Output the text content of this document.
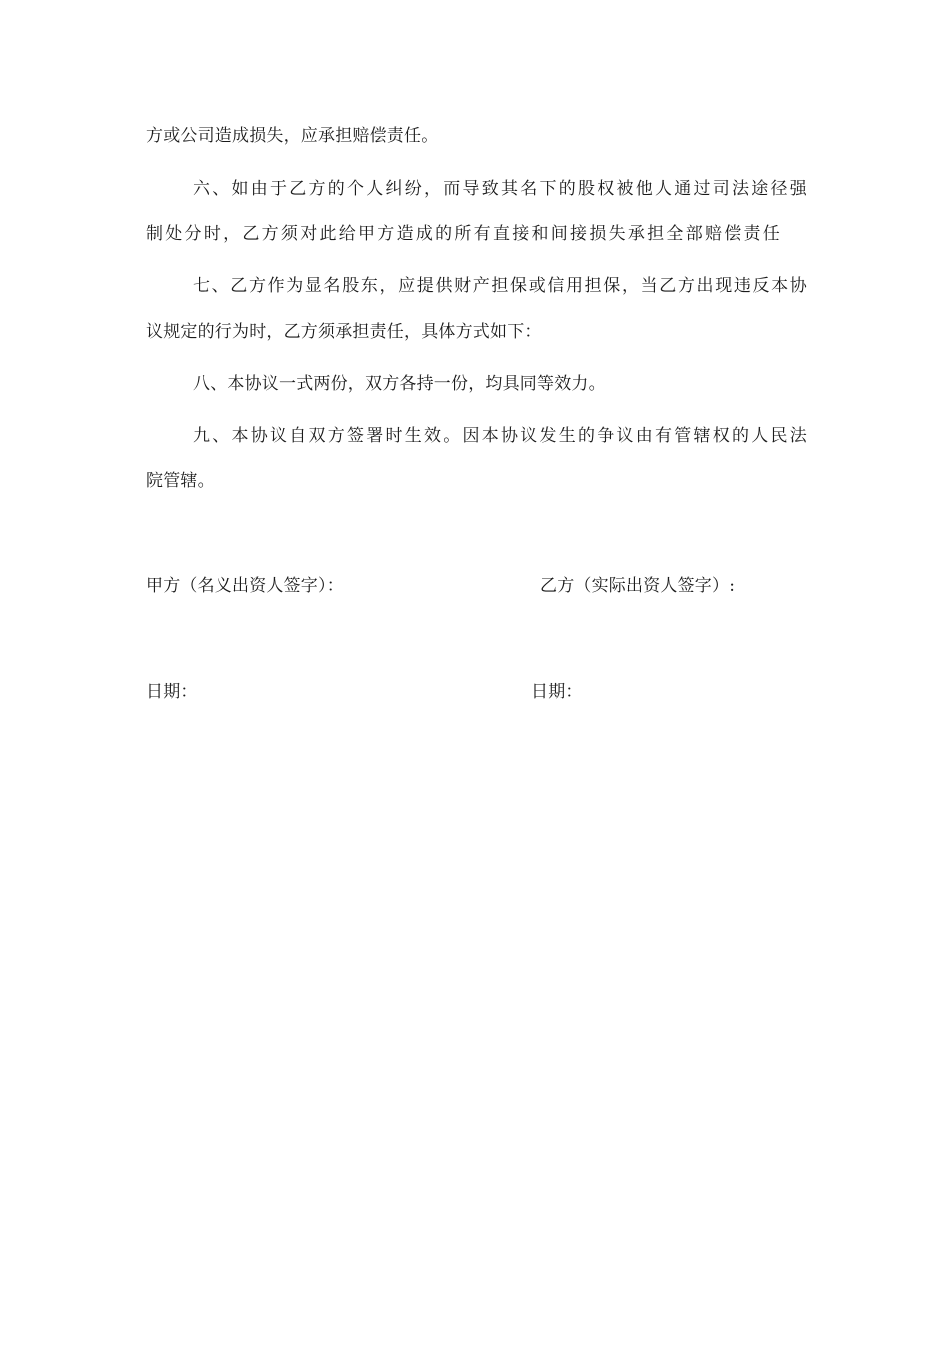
方或公司造成损失，应承担赔偿责任。
六、如由于乙方的个人纠纷，而导致其名下的股权被他人通过司法途径强
制处分时，乙方须对此给甲方造成的所有直接和间接损失承担全部赔偿责任
七、乙方作为显名股东，应提供财产担保或信用担保，当乙方出现违反本协
议规定的行为时，乙方须承担责任，具体方式如下：
八、本协议一式两份，双方各持一份，均具同等效力。
九、本协议自双方签署时生效。因本协议发生的争议由有管辖权的人民法
院管辖。
甲方（名义出资人签字）：	乙方（实际出资人签字）:
日期：	日期：
